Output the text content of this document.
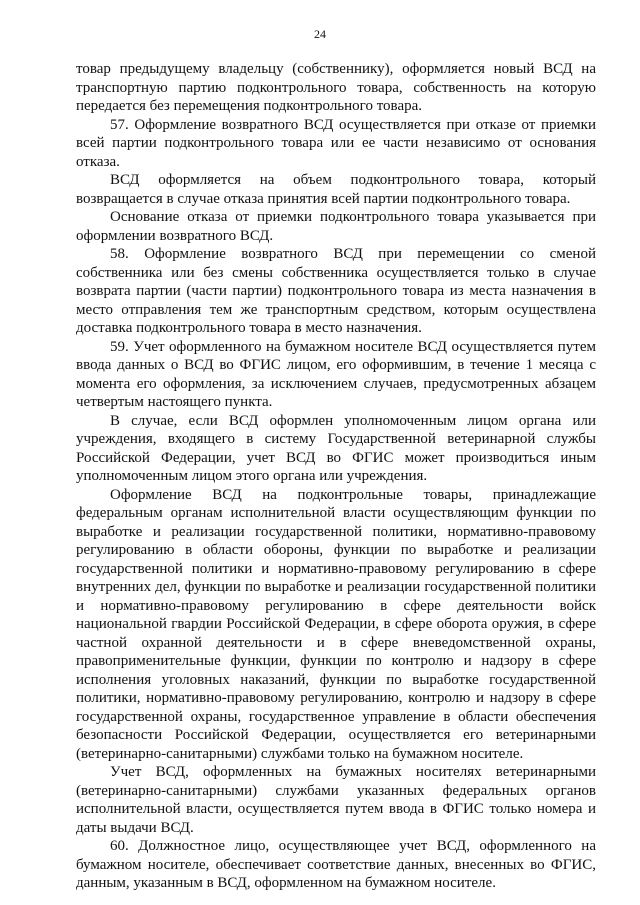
24

товар предыдущему владельцу (собственнику), оформляется новый ВСД на транспортную партию подконтрольного товара, собственность на которую передается без перемещения подконтрольного товара.

57. Оформление возвратного ВСД осуществляется при отказе от приемки всей партии подконтрольного товара или ее части независимо от основания отказа.

ВСД оформляется на объем подконтрольного товара, который возвращается в случае отказа принятия всей партии подконтрольного товара.

Основание отказа от приемки подконтрольного товара указывается при оформлении возвратного ВСД.

58. Оформление возвратного ВСД при перемещении со сменой собственника или без смены собственника осуществляется только в случае возврата партии (части партии) подконтрольного товара из места назначения в место отправления тем же транспортным средством, которым осуществлена доставка подконтрольного товара в место назначения.

59. Учет оформленного на бумажном носителе ВСД осуществляется путем ввода данных о ВСД во ФГИС лицом, его оформившим, в течение 1 месяца с момента его оформления, за исключением случаев, предусмотренных абзацем четвертым настоящего пункта.

В случае, если ВСД оформлен уполномоченным лицом органа или учреждения, входящего в систему Государственной ветеринарной службы Российской Федерации, учет ВСД во ФГИС может производиться иным уполномоченным лицом этого органа или учреждения.

Оформление ВСД на подконтрольные товары, принадлежащие федеральным органам исполнительной власти осуществляющим функции по выработке и реализации государственной политики, нормативно-правовому регулированию в области обороны, функции по выработке и реализации государственной политики и нормативно-правовому регулированию в сфере внутренних дел, функции по выработке и реализации государственной политики и нормативно-правовому регулированию в сфере деятельности войск национальной гвардии Российской Федерации, в сфере оборота оружия, в сфере частной охранной деятельности и в сфере вневедомственной охраны, правоприменительные функции, функции по контролю и надзору в сфере исполнения уголовных наказаний, функции по выработке государственной политики, нормативно-правовому регулированию, контролю и надзору в сфере государственной охраны, государственное управление в области обеспечения безопасности Российской Федерации, осуществляется его ветеринарными (ветеринарно-санитарными) службами только на бумажном носителе.

Учет ВСД, оформленных на бумажных носителях ветеринарными (ветеринарно-санитарными) службами указанных федеральных органов исполнительной власти, осуществляется путем ввода в ФГИС только номера и даты выдачи ВСД.

60. Должностное лицо, осуществляющее учет ВСД, оформленного на бумажном носителе, обеспечивает соответствие данных, внесенных во ФГИС, данным, указанным в ВСД, оформленном на бумажном носителе.
